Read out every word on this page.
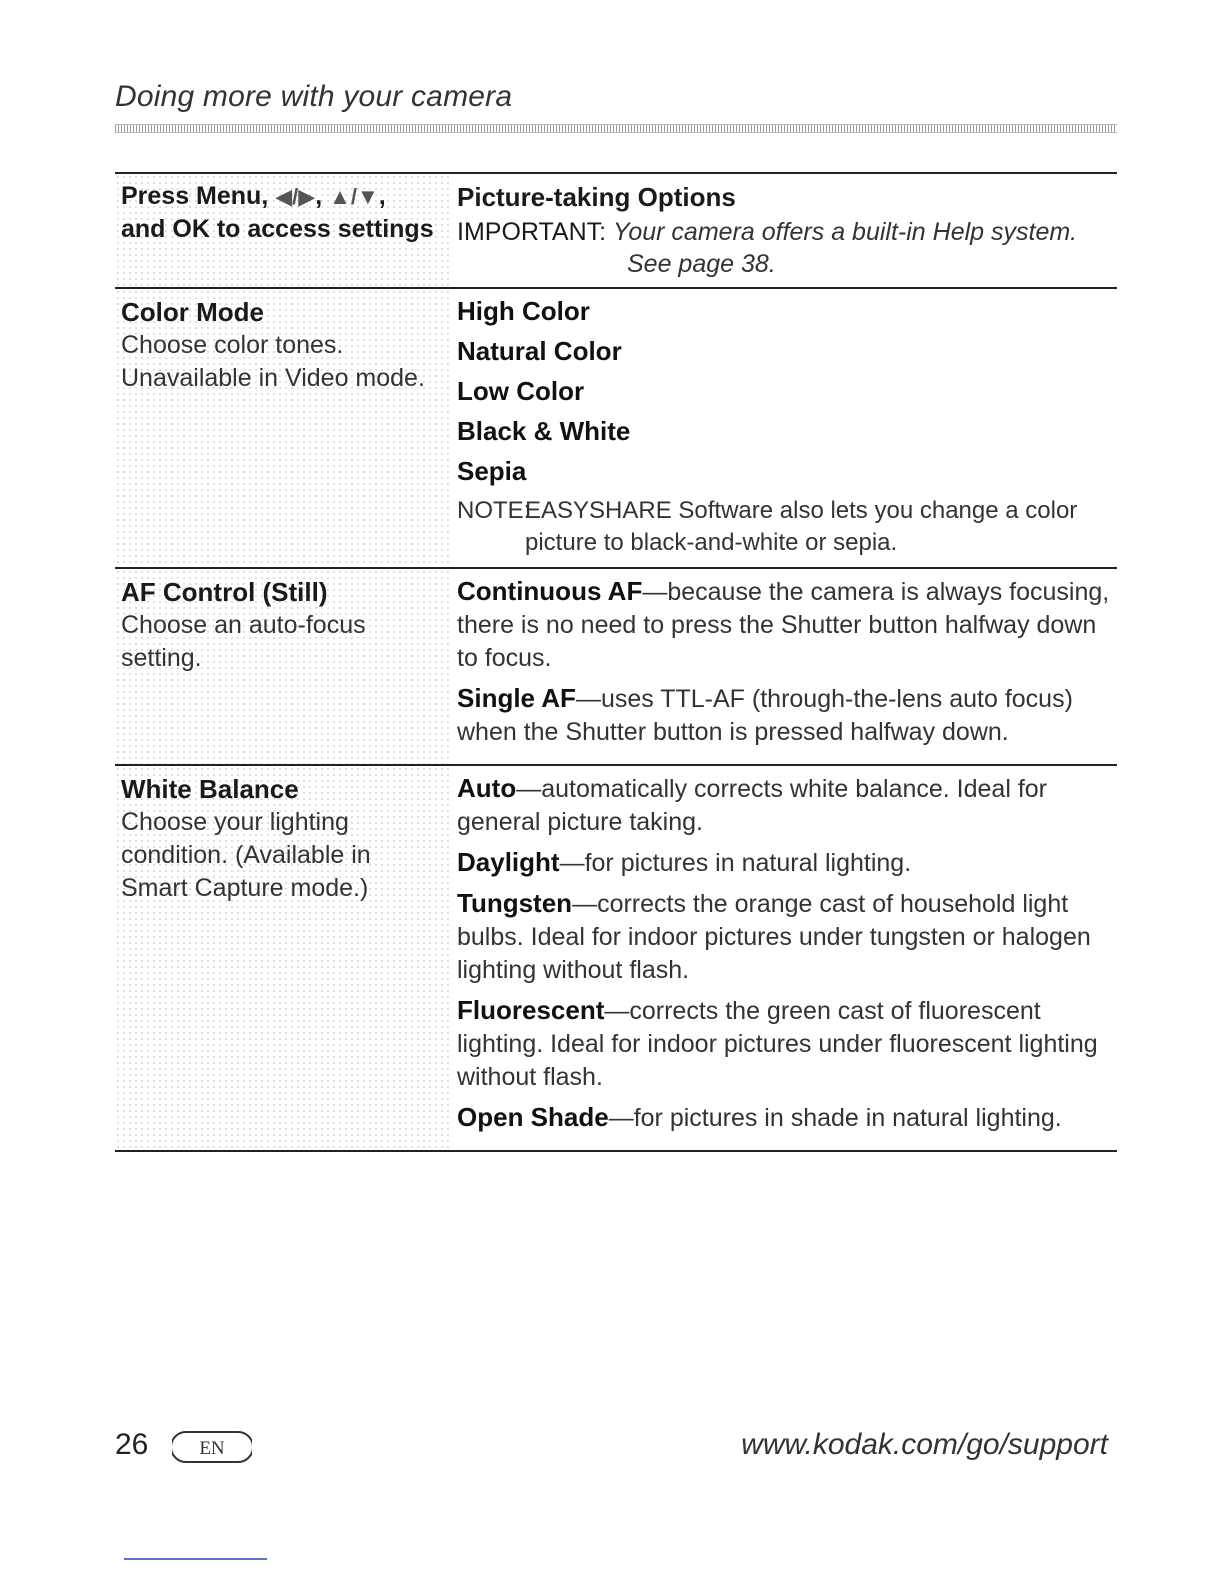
Doing more with your camera
Press Menu, ◀/▶, ▲/▼,
and OK to access settings
Picture-taking Options
IMPORTANT: Your camera offers a built-in Help system.
See page 38.
Color Mode
Choose color tones.
Unavailable in Video mode.
High Color
Natural Color
Low Color
Black & White
Sepia
NOTE:
EASYSHARE Software also lets you change a color picture to black-and-white or sepia.
AF Control (Still)
Choose an auto-focus setting.
Continuous AF—because the camera is always focusing, there is no need to press the Shutter button halfway down to focus.
Single AF—uses TTL-AF (through-the-lens auto focus) when the Shutter button is pressed halfway down.
White Balance
Choose your lighting condition. (Available in Smart Capture mode.)
Auto—automatically corrects white balance. Ideal for general picture taking.
Daylight—for pictures in natural lighting.
Tungsten—corrects the orange cast of household light bulbs. Ideal for indoor pictures under tungsten or halogen lighting without flash.
Fluorescent—corrects the green cast of fluorescent lighting. Ideal for indoor pictures under fluorescent lighting without flash.
Open Shade—for pictures in shade in natural lighting.
26	EN	www.kodak.com/go/support
